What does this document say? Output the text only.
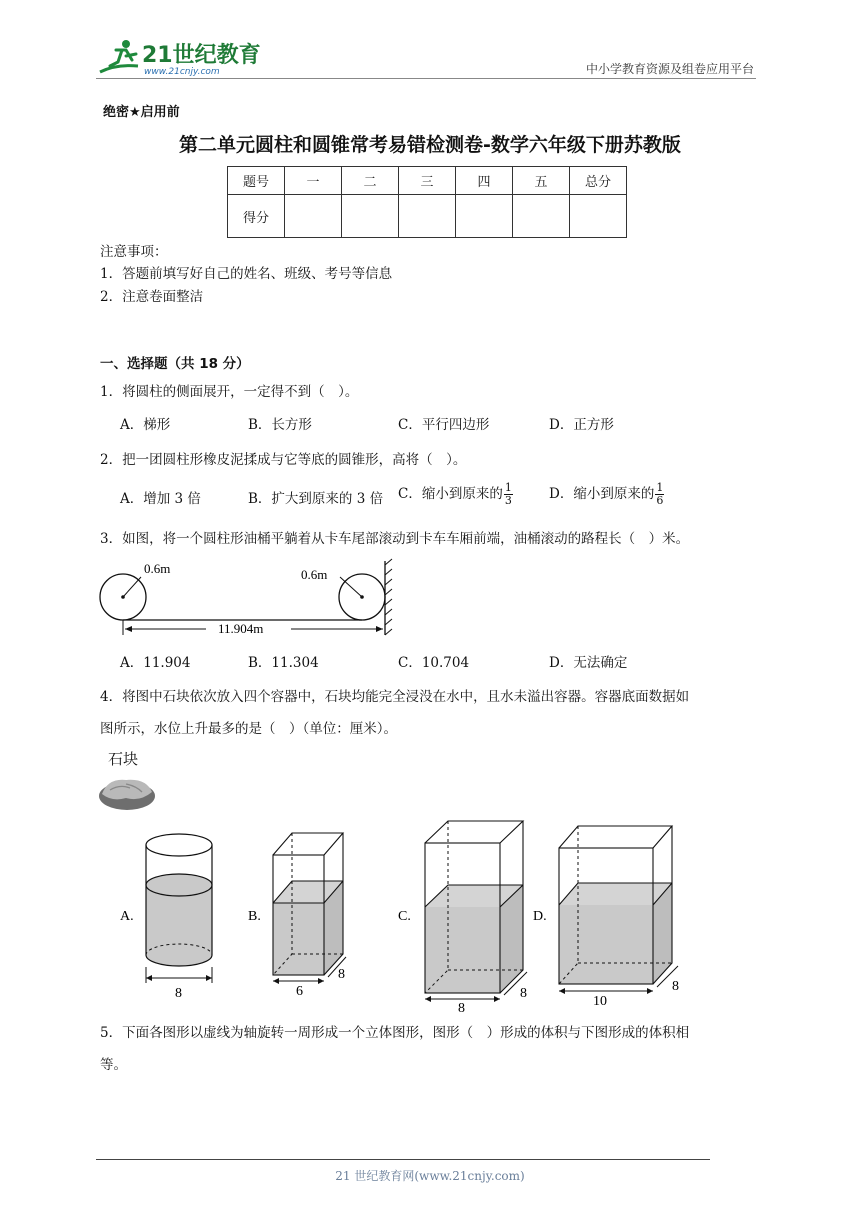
21世纪教育
www.21cnjy.com	中小学教育资源及组卷应用平台
绝密★启用前
第二单元圆柱和圆锥常考易错检测卷-数学六年级下册苏教版
题号	一	二	三	四	五	总分
得分						
注意事项：
1．答题前填写好自己的姓名、班级、考号等信息
2．注意卷面整洁
一、选择题（共 18 分）
1．将圆柱的侧面展开，一定得不到（　）。
A．梯形	B．长方形	C．平行四边形	D．正方形
2．把一团圆柱形橡皮泥揉成与它等底的圆锥形，高将（　）。
A．增加 3 倍	B．扩大到原来的 3 倍 C．缩小到原来的 $\frac{1}{3}$	D．缩小到原来的 $\frac{1}{6}$
3．如图，将一个圆柱形油桶平躺着从卡车尾部滚动到卡车车厢前端，油桶滚动的路程长（　）米。
0.6m	0.6m
11.904m
A．11.904	B．11.304	C．10.704	D．无法确定
4．将图中石块依次放入四个容器中，石块均能完全浸没在水中，且水未溢出容器。容器底面数据如
图所示，水位上升最多的是（　）（单位：厘米）。
石块
A.
8
B.
6
8
C.
8
8
D.
10
8
5．下面各图形以虚线为轴旋转一周形成一个立体图形，图形（　）形成的体积与下图形成的体积相
等。
21 世纪教育网(www.21cnjy.com)
